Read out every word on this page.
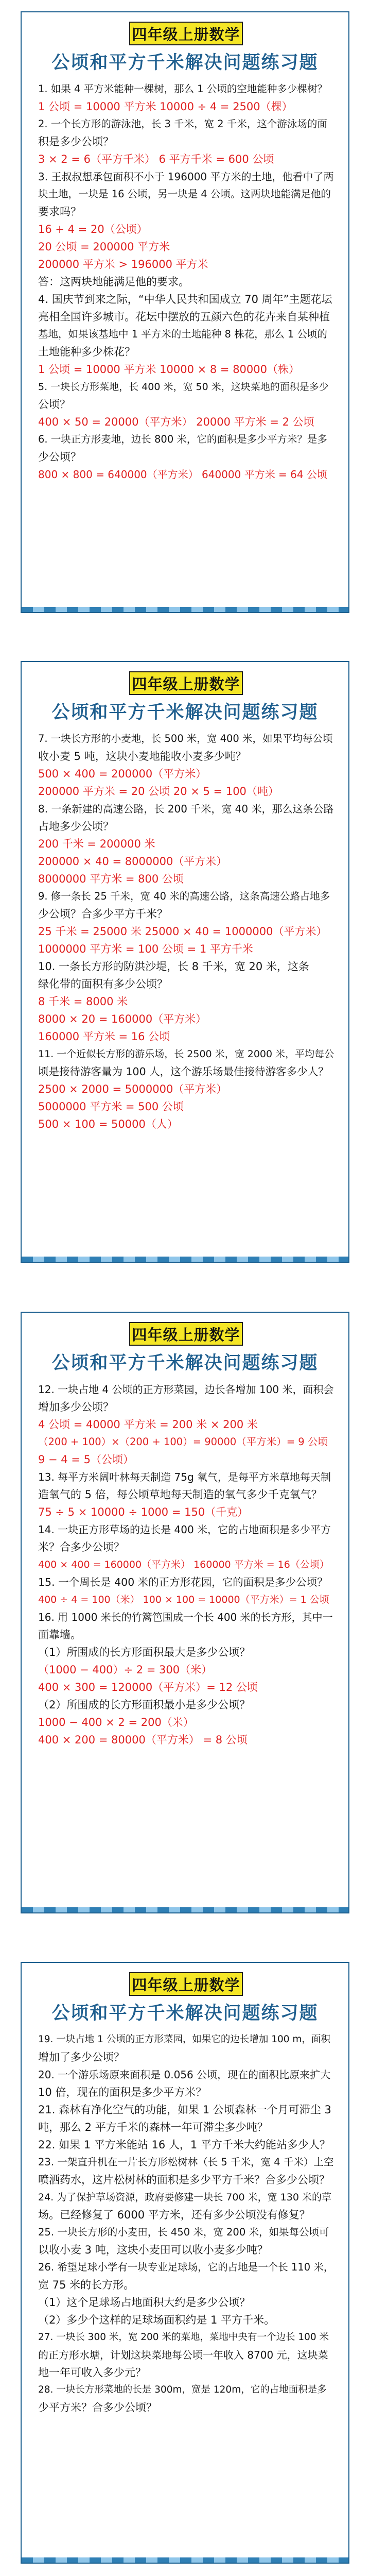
四年级上册数学
公顷和平方千米解决问题练习题
1. 如果 4 平方米能种一棵树，那么 1 公顷的空地能种多少棵树？
1 公顷 = 10000 平方米 10000 ÷ 4 = 2500（棵）
2. 一个长方形的游泳池，长 3 千米，宽 2 千米，这个游泳场的面
积是多少公顷？
3 × 2 = 6（平方千米） 6 平方千米 = 600 公顷
3. 王叔叔想承包面积不小于 196000 平方米的土地，他看中了两
块土地，一块是 16 公顷，另一块是 4 公顷。这两块地能满足他的
要求吗？
16 + 4 = 20（公顷）
20 公顷 = 200000 平方米
200000 平方米 > 196000 平方米
答：这两块地能满足他的要求。
4. 国庆节到来之际，“中华人民共和国成立 70 周年”主题花坛
亮相全国许多城市。花坛中摆放的五颜六色的花卉来自某种植
基地，如果该基地中 1 平方米的土地能种 8 株花，那么 1 公顷的
土地能种多少株花？
1 公顷 = 10000 平方米 10000 × 8 = 80000（株）
5. 一块长方形菜地，长 400 米，宽 50 米，这块菜地的面积是多少
公顷？
400 × 50 = 20000（平方米） 20000 平方米 = 2 公顷
6. 一块正方形麦地，边长 800 米，它的面积是多少平方米？是多
少公顷？
800 × 800 = 640000（平方米） 640000 平方米 = 64 公顷
四年级上册数学
公顷和平方千米解决问题练习题
7. 一块长方形的小麦地，长 500 米，宽 400 米，如果平均每公顷
收小麦 5 吨，这块小麦地能收小麦多少吨？
500 × 400 = 200000（平方米）
200000 平方米 = 20 公顷 20 × 5 = 100（吨）
8. 一条新建的高速公路，长 200 千米，宽 40 米，那么这条公路
占地多少公顷？
200 千米 = 200000 米
200000 × 40 = 8000000（平方米）
8000000 平方米 = 800 公顷
9. 修一条长 25 千米，宽 40 米的高速公路，这条高速公路占地多
少公顷？合多少平方千米？
25 千米 = 25000 米 25000 × 40 = 1000000（平方米）
1000000 平方米 = 100 公顷 = 1 平方千米
10. 一条长方形的防洪沙堤，长 8 千米，宽 20 米，这条
绿化带的面积有多少公顷？
8 千米 = 8000 米
8000 × 20 = 160000（平方米）
160000 平方米 = 16 公顷
11. 一个近似长方形的游乐场，长 2500 米，宽 2000 米，平均每公
顷是接待游客量为 100 人，这个游乐场最佳接待游客多少人？
2500 × 2000 = 5000000（平方米）
5000000 平方米 = 500 公顷
500 × 100 = 50000（人）
四年级上册数学
公顷和平方千米解决问题练习题
12. 一块占地 4 公顷的正方形菜园，边长各增加 100 米，面积会
增加多少公顷？
4 公顷 = 40000 平方米 = 200 米 × 200 米
（200 + 100）×（200 + 100）= 90000（平方米）= 9 公顷
9 − 4 = 5（公顷）
13. 每平方米阔叶林每天制造 75g 氧气，是每平方米草地每天制
造氧气的 5 倍，每公顷草地每天制造的氧气多少千克氧气？
75 ÷ 5 × 10000 ÷ 1000 = 150（千克）
14. 一块正方形草场的边长是 400 米，它的占地面积是多少平方
米？合多少公顷？
400 × 400 = 160000（平方米） 160000 平方米 = 16（公顷）
15. 一个周长是 400 米的正方形花园，它的面积是多少公顷？
400 ÷ 4 = 100（米） 100 × 100 = 10000（平方米）= 1 公顷
16. 用 1000 米长的竹篱笆围成一个长 400 米的长方形，其中一
面靠墙。
（1）所围成的长方形面积最大是多少公顷？
（1000 − 400）÷ 2 = 300（米）
400 × 300 = 120000（平方米）= 12 公顷
（2）所围成的长方形面积最小是多少公顷？
1000 − 400 × 2 = 200（米）
400 × 200 = 80000（平方米） = 8 公顷
四年级上册数学
公顷和平方千米解决问题练习题
19. 一块占地 1 公顷的正方形菜园，如果它的边长增加 100 m，面积
增加了多少公顷？
20. 一个游乐场原来面积是 0.056 公顷，现在的面积比原来扩大
10 倍，现在的面积是多少平方米？
21. 森林有净化空气的功能，如果 1 公顷森林一个月可滞尘 3
吨，那么 2 平方千米的森林一年可滞尘多少吨？
22. 如果 1 平方米能站 16 人，1 平方千米大约能站多少人？
23. 一架直升机在一片长方形松树林（长 5 千米，宽 4 千米）上空
喷洒药水，这片松树林的面积是多少平方千米？合多少公顷？
24. 为了保护草场资源，政府要修建一块长 700 米，宽 130 米的草
场。已经修复了 6000 平方米，还有多少公顷没有修复？
25. 一块长方形的小麦田，长 450 米，宽 200 米，如果每公顷可
以收小麦 3 吨，这块小麦田可以收小麦多少吨？
26. 希望足球小学有一块专业足球场，它的占地是一个长 110 米，
宽 75 米的长方形。
（1）这个足球场占地面积大约是多少公顷？
（2）多少个这样的足球场面积约是 1 平方千米。
27. 一块长 300 米，宽 200 米的菜地，菜地中央有一个边长 100 米
的正方形水塘，计划这块菜地每公顷一年收入 8700 元，这块菜
地一年可收入多少元？
28. 一块长方形菜地的长是 300m，宽是 120m，它的占地面积是多
少平方米？合多少公顷？
